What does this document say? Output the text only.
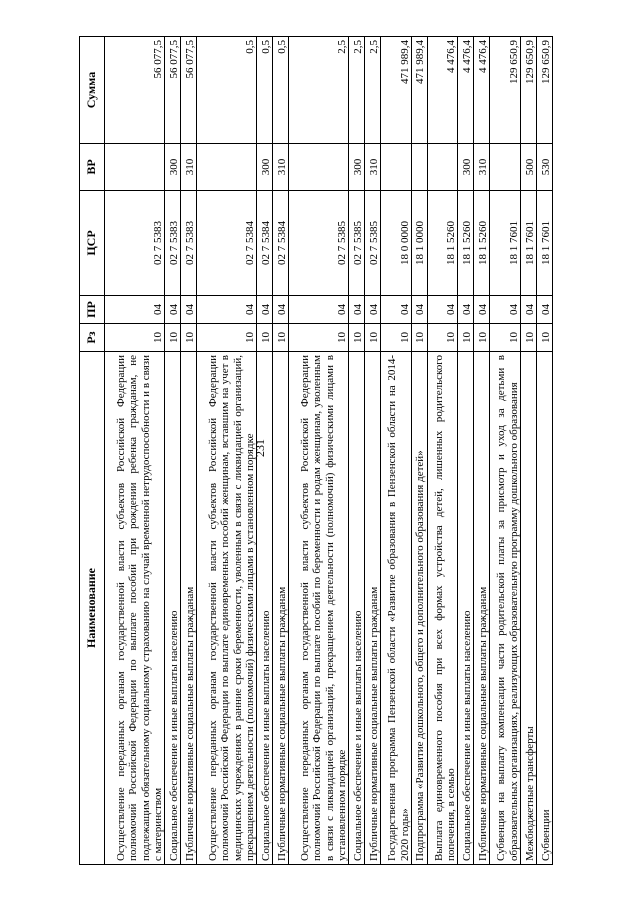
231
Наименование	Рз	ПР	ЦСР	ВР	Сумма
Осуществление переданных органам государственной власти субъектов Российской Федерации полномочий Российской Федерации по выплате пособий при рождении ребенка гражданам, не подлежащим обязательному социальному страхованию на случай временной нетрудоспособности и в связи с материнством	10	04	02 7 5383		56 077,5
Социальное обеспечение и иные выплаты населению	10	04	02 7 5383	300	56 077,5
Публичные нормативные социальные выплаты гражданам	10	04	02 7 5383	310	56 077,5
Осуществление переданных органам государственной власти субъектов Российской Федерации полномочий Российской Федерации по выплате единовременных пособий женщинам, вставшим на учет в медицинских учреждениях в ранние сроки беременности, уволенным в связи с ликвидацией организаций, прекращением деятельности (полномочий) физическими лицами в установленном порядке	10	04	02 7 5384		0,5
Социальное обеспечение и иные выплаты населению	10	04	02 7 5384	300	0,5
Публичные нормативные социальные выплаты гражданам	10	04	02 7 5384	310	0,5
Осуществление переданных органам государственной власти субъектов Российской Федерации полномочий Российской Федерации по выплате пособий по беременности и родам женщинам, уволенным в связи с ликвидацией организаций, прекращением деятельности (полномочий) физическими лицами в установленном порядке	10	04	02 7 5385		2,5
Социальное обеспечение и иные выплаты населению	10	04	02 7 5385	300	2,5
Публичные нормативные социальные выплаты гражданам	10	04	02 7 5385	310	2,5
Государственная программа Пензенской области «Развитие образования в Пензенской области на 2014-2020 годы»	10	04	18 0 0000		471 989,4
Подпрограмма «Развитие дошкольного, общего и дополнительного образования детей»	10	04	18 1 0000		471 989,4
Выплата единовременного пособия при всех формах устройства детей, лишенных родительского попечения, в семью	10	04	18 1 5260		4 476,4
Социальное обеспечение и иные выплаты населению	10	04	18 1 5260	300	4 476,4
Публичные нормативные социальные выплаты гражданам	10	04	18 1 5260	310	4 476,4
Субвенция на выплату компенсации части родительской платы за присмотр и уход за детьми в образовательных организациях, реализующих образовательную программу дошкольного образования	10	04	18 1 7601		129 650,9
Межбюджетные трансферты	10	04	18 1 7601	500	129 650,9
Субвенции	10	04	18 1 7601	530	129 650,9
